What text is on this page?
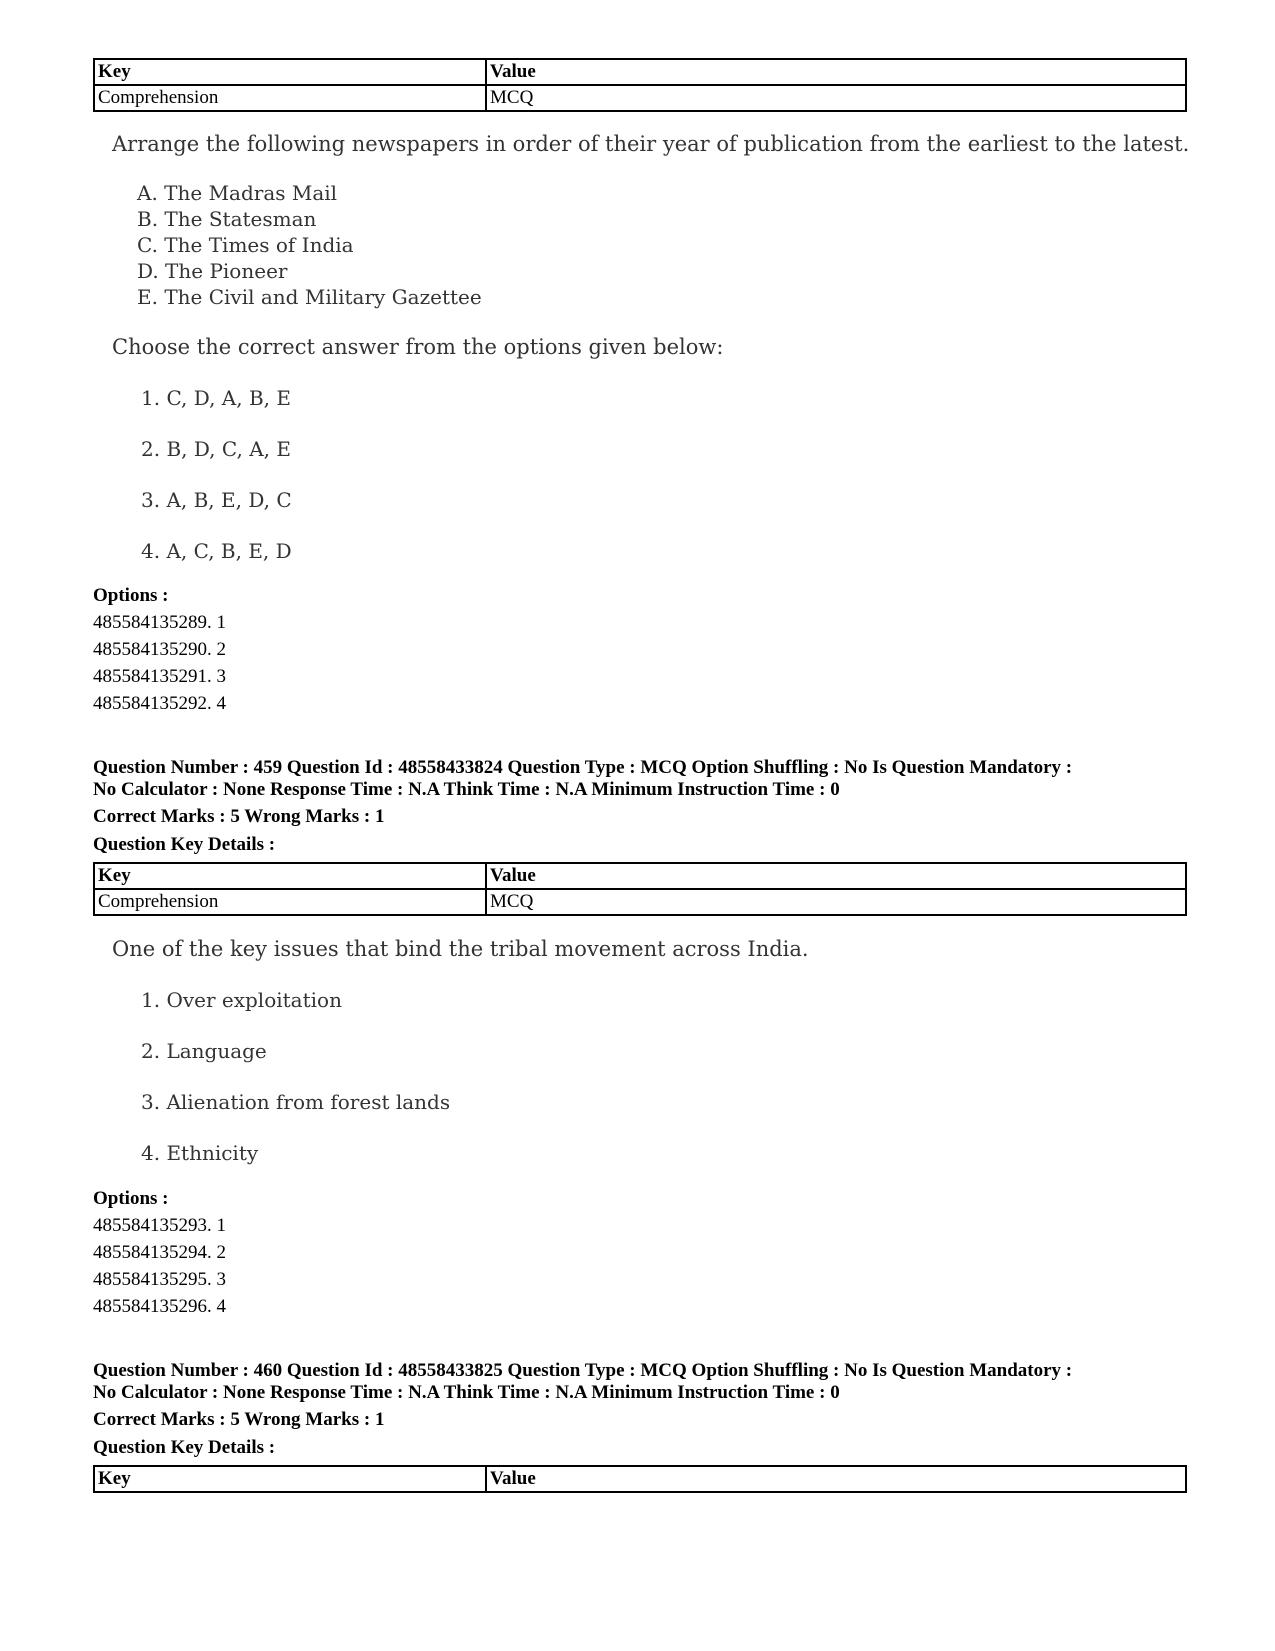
Key	Value
Comprehension	MCQ
Arrange the following newspapers in order of their year of publication from the earliest to the latest.
A. The Madras Mail
B. The Statesman
C. The Times of India
D. The Pioneer
E. The Civil and Military Gazettee
Choose the correct answer from the options given below:
1. C, D, A, B, E
2. B, D, C, A, E
3. A, B, E, D, C
4. A, C, B, E, D
Options :
485584135289. 1
485584135290. 2
485584135291. 3
485584135292. 4
Question Number : 459 Question Id : 48558433824 Question Type : MCQ Option Shuffling : No Is Question Mandatory :
No Calculator : None Response Time : N.A Think Time : N.A Minimum Instruction Time : 0
Correct Marks : 5 Wrong Marks : 1
Question Key Details :
Key	Value
Comprehension	MCQ
One of the key issues that bind the tribal movement across India.
1. Over exploitation
2. Language
3. Alienation from forest lands
4. Ethnicity
Options :
485584135293. 1
485584135294. 2
485584135295. 3
485584135296. 4
Question Number : 460 Question Id : 48558433825 Question Type : MCQ Option Shuffling : No Is Question Mandatory :
No Calculator : None Response Time : N.A Think Time : N.A Minimum Instruction Time : 0
Correct Marks : 5 Wrong Marks : 1
Question Key Details :
Key	Value
